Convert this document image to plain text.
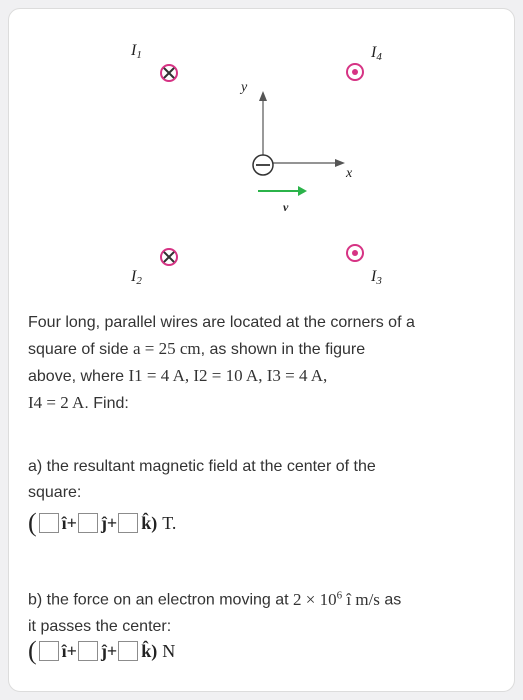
I1	I4
I2	I3
y
x
v
Four long, parallel wires are located at the corners of a
square of side a = 25 cm, as shown in the figure
above, where I1 = 4 A, I2 = 10 A, I3 = 4 A,
I4 = 2 A. Find:
a) the resultant magnetic field at the center of the
square:
( î+ ĵ+ k̂) T.
b) the force on an electron moving at $2 \times 10^6$ î m/s as
it passes the center:
( î+ ĵ+ k̂) N
